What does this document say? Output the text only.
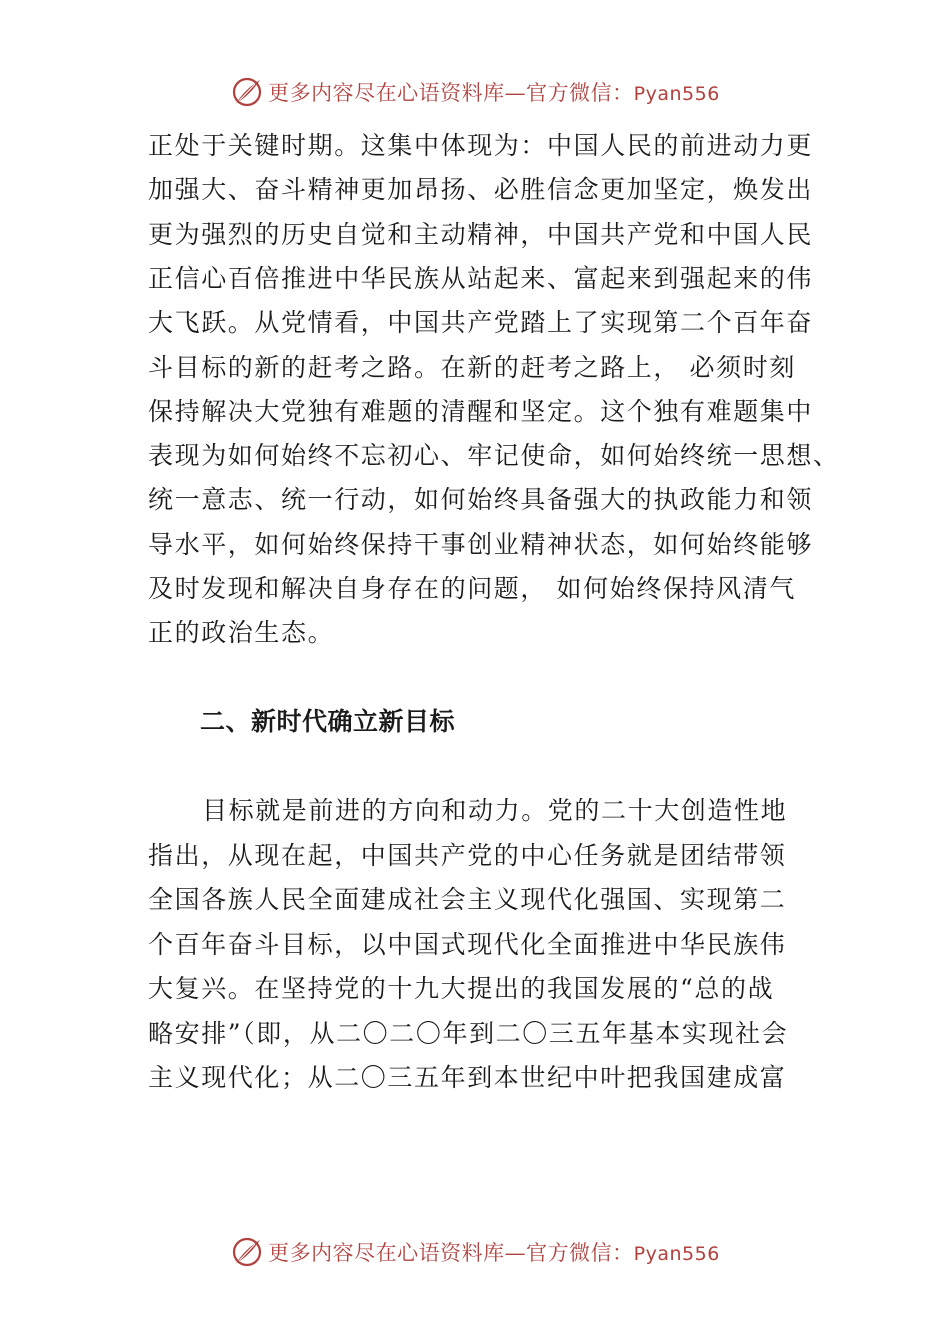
更多内容尽在心语资料库—官方微信：Pyan556
正处于关键时期。这集中体现为：中国人民的前进动力更
加强大、奋斗精神更加昂扬、必胜信念更加坚定，焕发出
更为强烈的历史自觉和主动精神，中国共产党和中国人民
正信心百倍推进中华民族从站起来、富起来到强起来的伟
大飞跃。从党情看，中国共产党踏上了实现第二个百年奋
斗目标的新的赶考之路。在新的赶考之路上， 必须时刻
保持解决大党独有难题的清醒和坚定。这个独有难题集中
表现为如何始终不忘初心、牢记使命，如何始终统一思想、
统一意志、统一行动，如何始终具备强大的执政能力和领
导水平，如何始终保持干事创业精神状态，如何始终能够
及时发现和解决自身存在的问题， 如何始终保持风清气
正的政治生态。
二、新时代确立新目标
目标就是前进的方向和动力。党的二十大创造性地
指出，从现在起，中国共产党的中心任务就是团结带领
全国各族人民全面建成社会主义现代化强国、实现第二
个百年奋斗目标，以中国式现代化全面推进中华民族伟
大复兴。在坚持党的十九大提出的我国发展的“总的战
略安排”（即，从二〇二〇年到二〇三五年基本实现社会
主义现代化；从二〇三五年到本世纪中叶把我国建成富
更多内容尽在心语资料库—官方微信：Pyan556
